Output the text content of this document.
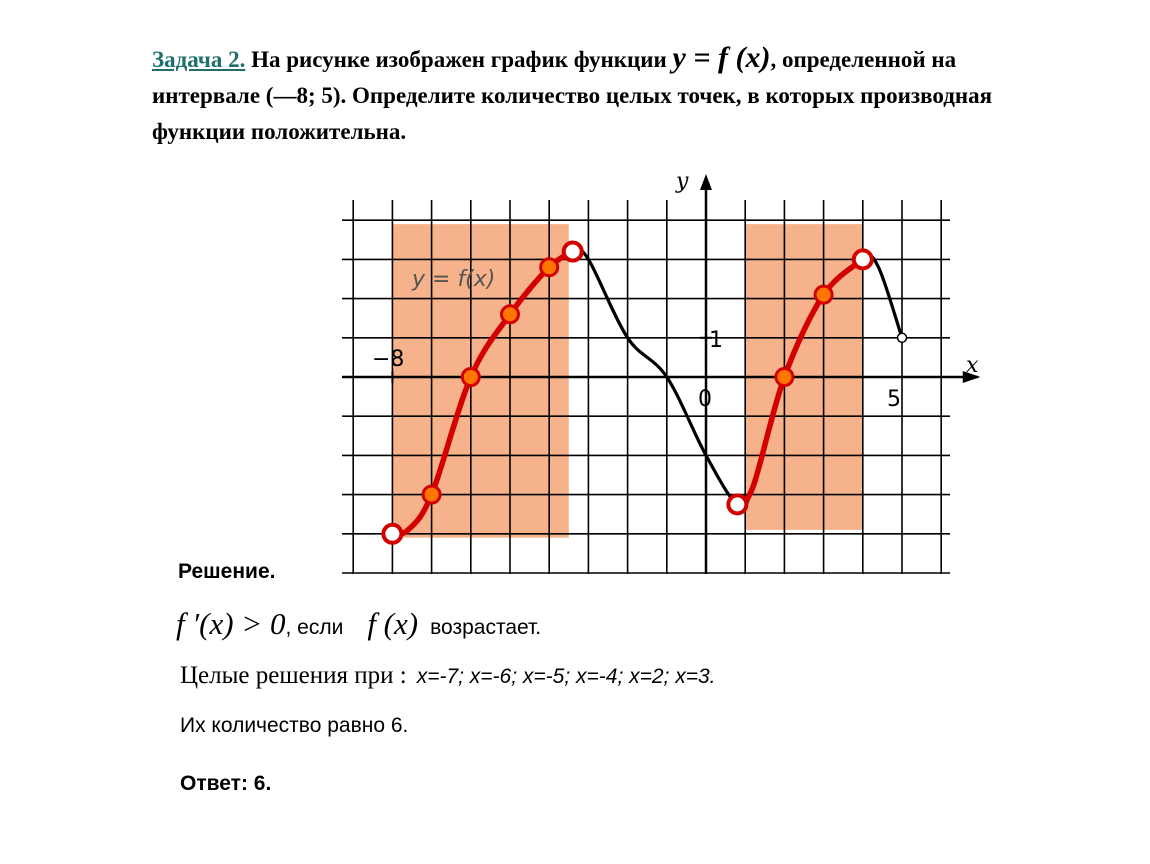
Задача 2. На рисунке изображен график функции y = f (x), определенной на интервале (—8; 5). Определите количество целых точек, в которых производная функции положительна.
y = f(x)
x
y
−8
5
1
0
Решение.
f ′(x) > 0, если f (x) возрастает.
Целые решения при : x=-7; x=-6; x=-5; x=-4; x=2; x=3.
Их количество равно 6.
Ответ: 6.
